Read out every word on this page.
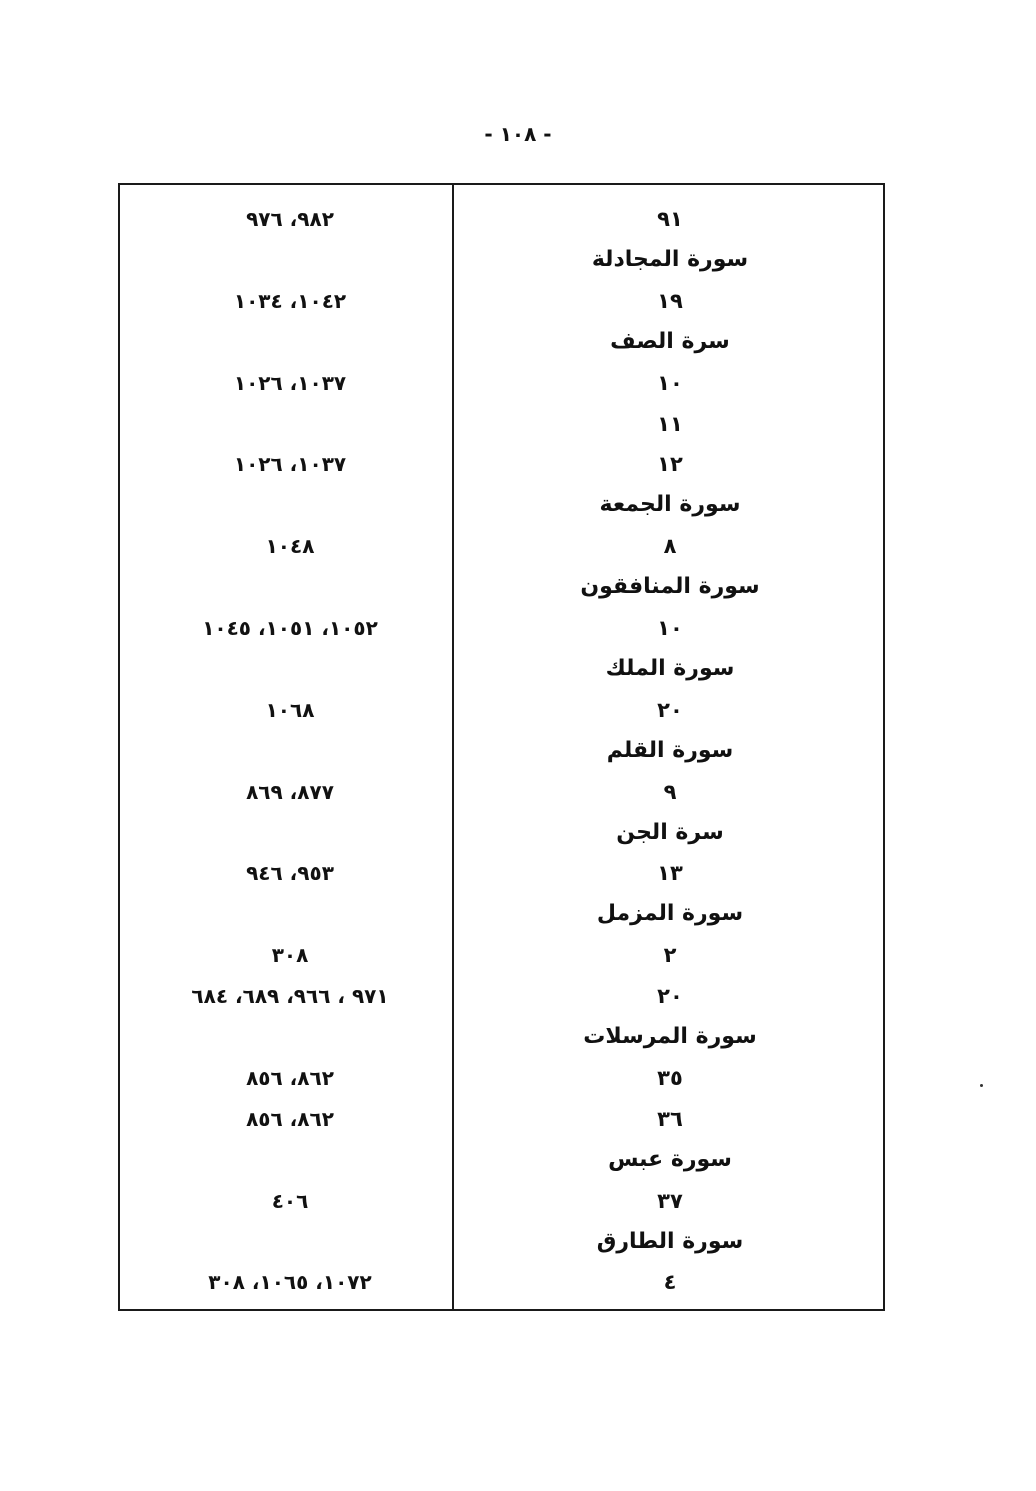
- ١٠٨ -
٩١
٩٨٢، ٩٧٦
سورة المجادلة
١٩
١٠٤٢، ١٠٣٤
سرة الصف
١٠
١٠٣٧، ١٠٢٦
١١
١٢
١٠٣٧، ١٠٢٦
سورة الجمعة
٨
١٠٤٨
سورة المنافقون
١٠
١٠٥٢، ١٠٥١، ١٠٤٥
سورة الملك
٢٠
١٠٦٨
سورة القلم
٩
٨٧٧، ٨٦٩
سرة الجن
١٣
٩٥٣، ٩٤٦
سورة المزمل
٢
٣٠٨
٢٠
٩٧١ ، ٩٦٦، ٦٨٩، ٦٨٤
سورة المرسلات
٣٥
٨٦٢، ٨٥٦
٣٦
٨٦٢، ٨٥٦
سورة عبس
٣٧
٤٠٦
سورة الطارق
٤
١٠٧٢، ١٠٦٥، ٣٠٨
